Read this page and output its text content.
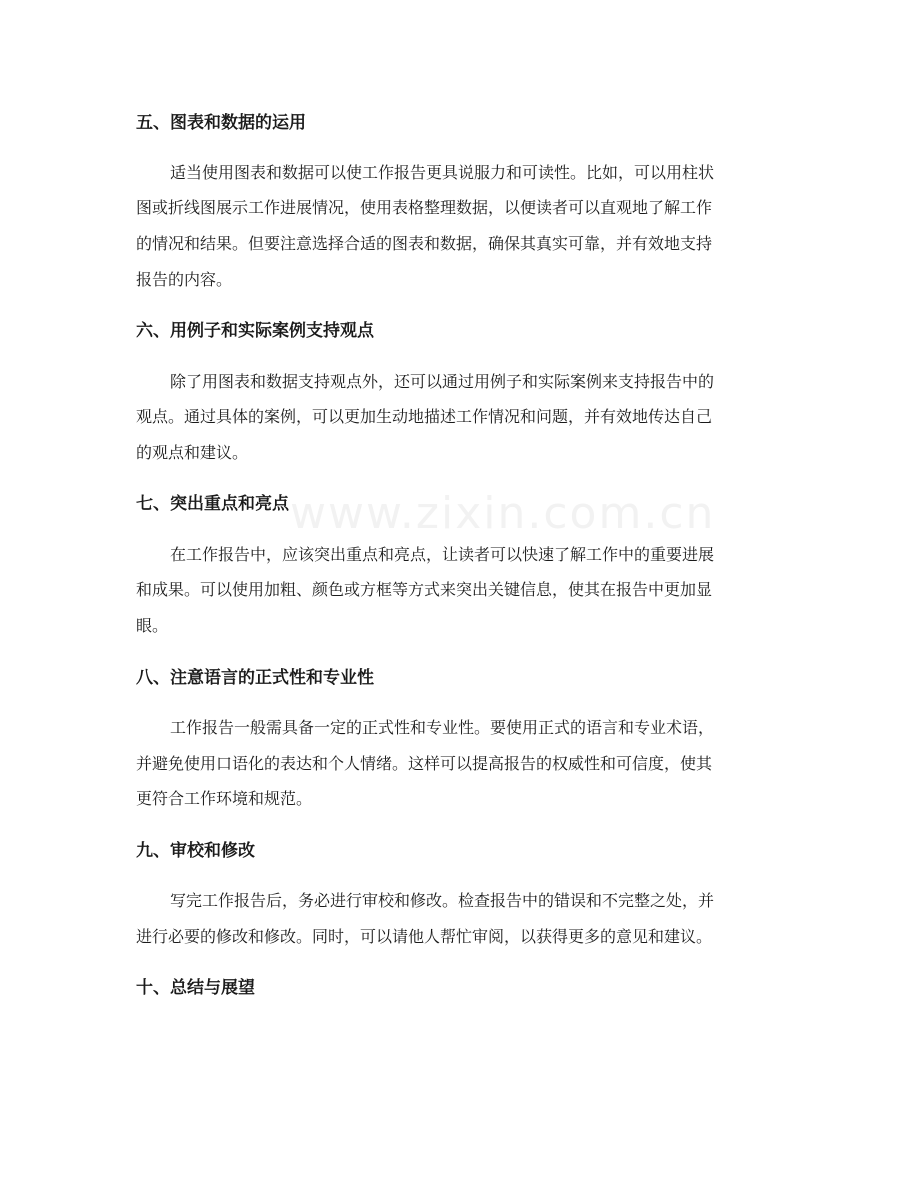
www.zixin.com.cn
五、图表和数据的运用

适当使用图表和数据可以使工作报告更具说服力和可读性。比如，可以用柱状

图或折线图展示工作进展情况，使用表格整理数据，以便读者可以直观地了解工作

的情况和结果。但要注意选择合适的图表和数据，确保其真实可靠，并有效地支持

报告的内容。

六、用例子和实际案例支持观点

除了用图表和数据支持观点外，还可以通过用例子和实际案例来支持报告中的

观点。通过具体的案例，可以更加生动地描述工作情况和问题，并有效地传达自己

的观点和建议。

七、突出重点和亮点

在工作报告中，应该突出重点和亮点，让读者可以快速了解工作中的重要进展

和成果。可以使用加粗、颜色或方框等方式来突出关键信息，使其在报告中更加显

眼。

八、注意语言的正式性和专业性

工作报告一般需具备一定的正式性和专业性。要使用正式的语言和专业术语，

并避免使用口语化的表达和个人情绪。这样可以提高报告的权威性和可信度，使其

更符合工作环境和规范。

九、审校和修改

写完工作报告后，务必进行审校和修改。检查报告中的错误和不完整之处，并

进行必要的修改和修改。同时，可以请他人帮忙审阅，以获得更多的意见和建议。

十、总结与展望
